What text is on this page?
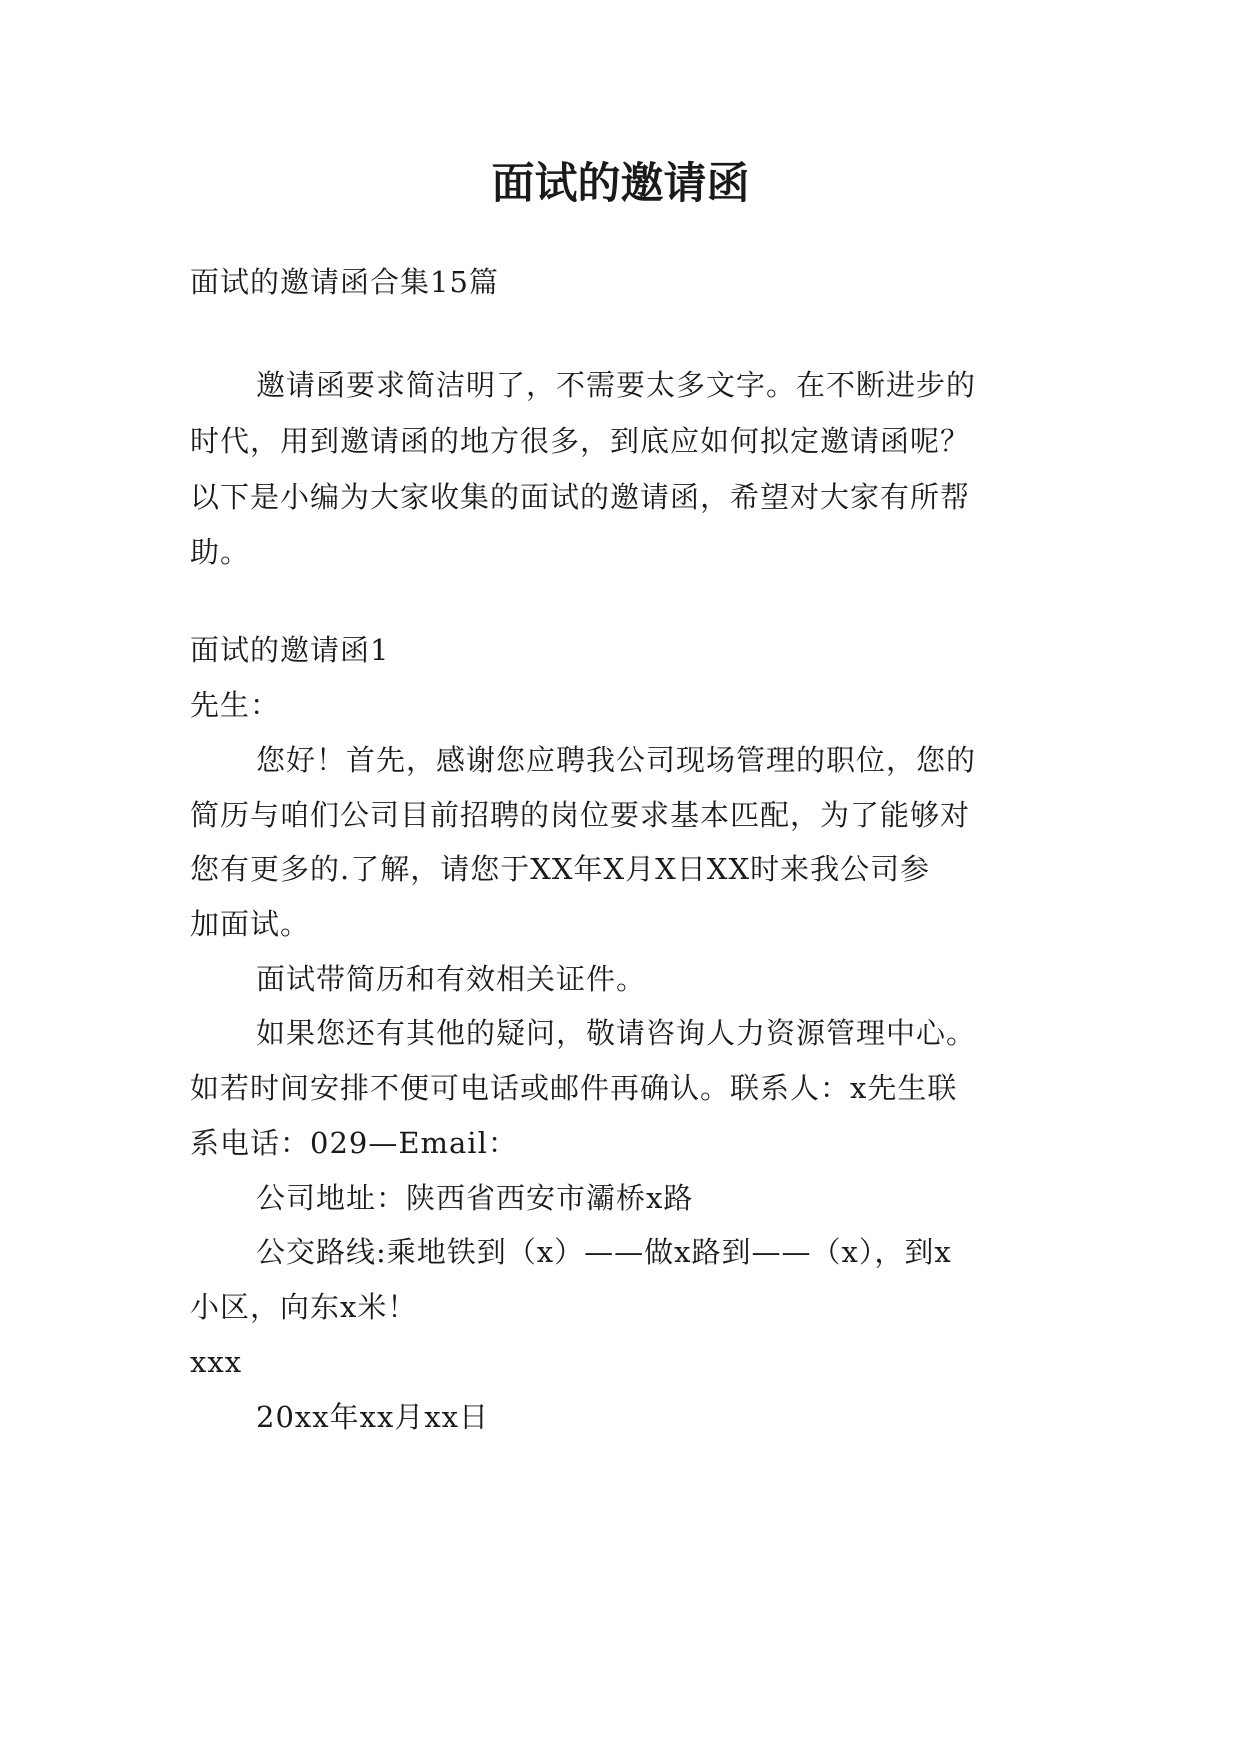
面试的邀请函

面试的邀请函合集15篇

邀请函要求简洁明了，不需要太多文字。在不断进步的

时代，用到邀请函的地方很多，到底应如何拟定邀请函呢？

以下是小编为大家收集的面试的邀请函，希望对大家有所帮

助。

面试的邀请函1

先生：

您好！首先，感谢您应聘我公司现场管理的职位，您的

简历与咱们公司目前招聘的岗位要求基本匹配，为了能够对

您有更多的.了解，请您于XX年X月X日XX时来我公司参

加面试。

面试带简历和有效相关证件。

如果您还有其他的疑问，敬请咨询人力资源管理中心。

如若时间安排不便可电话或邮件再确认。联系人：x先生联

系电话：029—Email：

公司地址：陕西省西安市灞桥x路

公交路线:乘地铁到（x）——做x路到——（x），到x

小区，向东x米！

xxx

20xx年xx月xx日
